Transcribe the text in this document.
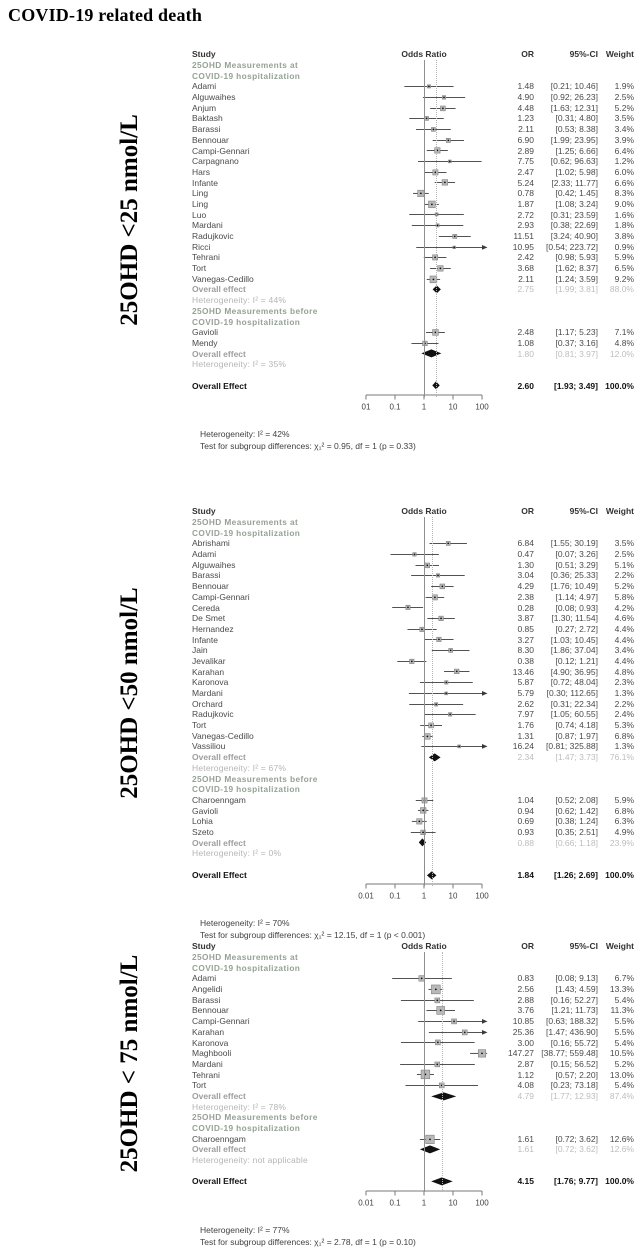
COVID-19 related death
25OHD <25 nmol/L
Study	Odds Ratio	OR	95%-CI Weight
25OHD Measurements at
COVID-19 hospitalization
Adami	1.48	[0.21; 10.46]	1.9%
Alguwaihes	4.90	[0.92; 26.23]	2.5%
Anjum	4.48	[1.63; 12.31]	5.2%
Baktash	1.23	[0.31; 4.80]	3.5%
Barassi	2.11	[0.53; 8.38]	3.4%
Bennouar	6.90	[1.99; 23.95]	3.9%
Campi-Gennari	2.89	[1.25; 6.66]	6.4%
Carpagnano	7.75	[0.62; 96.63]	1.2%
Hars	2.47	[1.02; 5.98]	6.0%
Infante	5.24	[2.33; 11.77]	6.6%
Ling	0.78	[0.42; 1.45]	8.3%
Ling	1.87	[1.08; 3.24]	9.0%
Luo	2.72	[0.31; 23.59]	1.6%
Mardani	2.93	[0.38; 22.69]	1.8%
Radujkovic	11.51	[3.24; 40.90]	3.8%
Ricci	10.95	[0.54; 223.72]	0.9%
Tehrani	2.42	[0.98; 5.93]	5.9%
Tort	3.68	[1.62; 8.37]	6.5%
Vanegas-Cedillo	2.11	[1.24; 3.59]	9.2%
Overall effect	2.75	[1.99; 3.81]	88.0%
Heterogeneity: I² = 44%
25OHD Measurements before
COVID-19 hospitalization
Gavioli	2.48	[1.17; 5.23]	7.1%
Mendy	1.08	[0.37; 3.16]	4.8%
Overall effect	1.80	[0.81; 3.97]	12.0%
Heterogeneity: I² = 35%
Overall Effect	2.60	[1.93; 3.49] 100.0%
01 0.1	1	10 100
Heterogeneity: I² = 42%
Test for subgroup differences: χ₁² = 0.95, df = 1 (p = 0.33)
25OHD <50 nmol/L
Study	Odds Ratio	OR	95%-CI Weight
25OHD Measurements at
COVID-19 hospitalization
Abrishami	6.84	[1.55; 30.19]	3.5%
Adami	0.47	[0.07; 3.26]	2.5%
Alguwaihes	1.30	[0.51; 3.29]	5.1%
Barassi	3.04	[0.36; 25.33]	2.2%
Bennouar	4.29	[1.76; 10.49]	5.2%
Campi-Gennari	2.38	[1.14; 4.97]	5.8%
Cereda	0.28	[0.08; 0.93]	4.2%
De Smet	3.87	[1.30; 11.54]	4.6%
Hernandez	0.85	[0.27; 2.72]	4.4%
Infante	3.27	[1.03; 10.45]	4.4%
Jain	8.30	[1.86; 37.04]	3.4%
Jevalikar	0.38	[0.12; 1.21]	4.4%
Karahan	13.46	[4.90; 36.95]	4.8%
Karonova	5.87	[0.72; 48.04]	2.3%
Mardani	5.79	[0.30; 112.65]	1.3%
Orchard	2.62	[0.31; 22.34]	2.2%
Radujkovic	7.97	[1.05; 60.55]	2.4%
Tort	1.76	[0.74; 4.18]	5.3%
Vanegas-Cedillo	1.31	[0.87; 1.97]	6.8%
Vassiliou	16.24	[0.81; 325.88]	1.3%
Overall effect	2.34	[1.47; 3.73]	76.1%
Heterogeneity: I² = 67%
25OHD Measurements before
COVID-19 hospitalization
Charoenngam	1.04	[0.52; 2.08]	5.9%
Gavioli	0.94	[0.62; 1.42]	6.8%
Lohia	0.69	[0.38; 1.24]	6.3%
Szeto	0.93	[0.35; 2.51]	4.9%
Overall effect	0.88	[0.66; 1.18]	23.9%
Heterogeneity: I² = 0%
Overall Effect	1.84	[1.26; 2.69] 100.0%
0.01 0.1	1	10 100
Heterogeneity: I² = 70%
Test for subgroup differences: χ₁² = 12.15, df = 1 (p < 0.001)
25OHD < 75 nmol/L
Study	Odds Ratio	OR	95%-CI Weight
25OHD Measurements at
COVID-19 hospitalization
Adami	0.83	[0.08; 9.13]	6.7%
Angelidi	2.56	[1.43; 4.59]	13.3%
Barassi	2.88	[0.16; 52.27]	5.4%
Bennouar	3.76	[1.21; 11.73]	11.3%
Campi-Gennari	10.85	[0.63; 188.32]	5.5%
Karahan	25.36	[1.47; 436.90]	5.5%
Karonova	3.00	[0.16; 55.72]	5.4%
Maghbooli	147.27 [38.77; 559.48]	10.5%
Mardani	2.87	[0.15; 56.52]	5.2%
Tehrani	1.12	[0.57; 2.20]	13.0%
Tort	4.08	[0.23; 73.18]	5.4%
Overall effect	4.79	[1.77; 12.93]	87.4%
Heterogeneity: I² = 78%
25OHD Measurements before
COVID-19 hospitalization
Charoenngam	1.61	[0.72; 3.62]	12.6%
Overall effect	1.61	[0.72; 3.62]	12.6%
Heterogeneity: not applicable
Overall Effect	4.15	[1.76; 9.77] 100.0%
0.01 0.1	1	10 100
Heterogeneity: I² = 77%
Test for subgroup differences: χ₁² = 2.78, df = 1 (p = 0.10)
